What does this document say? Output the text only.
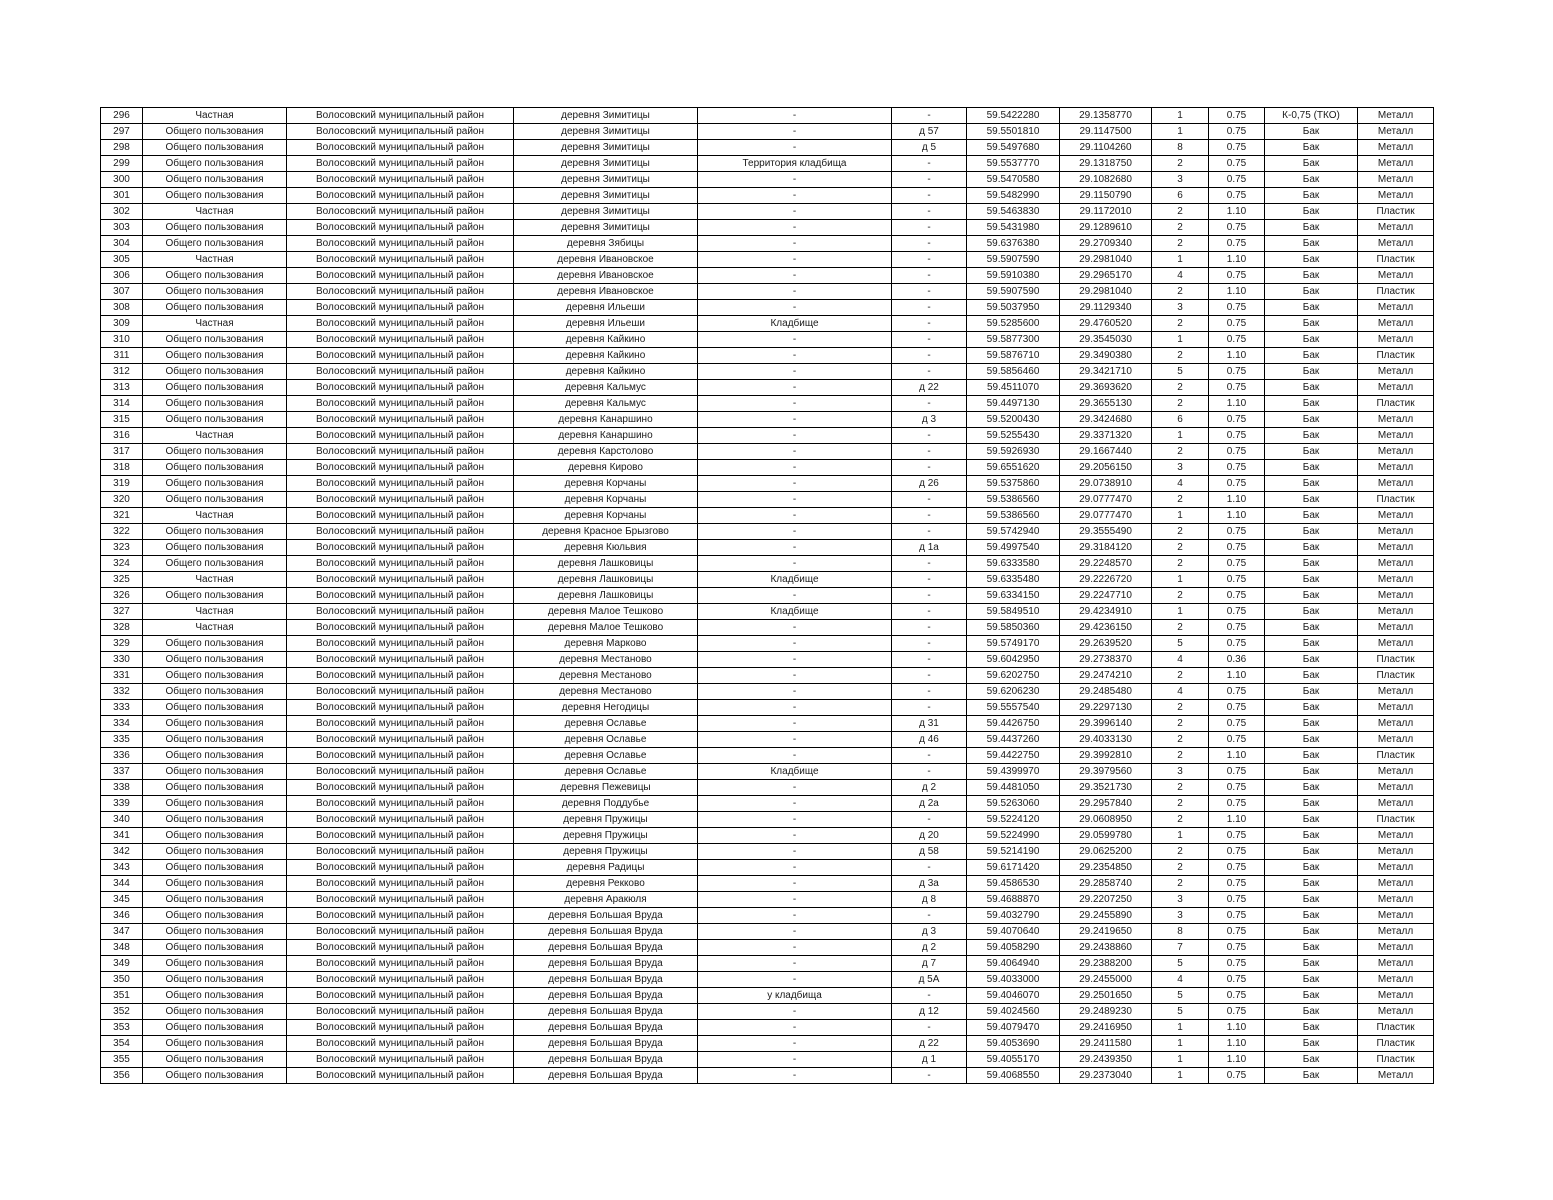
296	Частная	Волосовский муниципальный район	деревня Зимитицы	-	-	59.5422280	29.1358770	1	0.75	К-0,75 (ТКО)	Металл
297	Общего пользования	Волосовский муниципальный район	деревня Зимитицы	-	д 57	59.5501810	29.1147500	1	0.75	Бак	Металл
298	Общего пользования	Волосовский муниципальный район	деревня Зимитицы	-	д 5	59.5497680	29.1104260	8	0.75	Бак	Металл
299	Общего пользования	Волосовский муниципальный район	деревня Зимитицы	Территория кладбища	-	59.5537770	29.1318750	2	0.75	Бак	Металл
300	Общего пользования	Волосовский муниципальный район	деревня Зимитицы	-	-	59.5470580	29.1082680	3	0.75	Бак	Металл
301	Общего пользования	Волосовский муниципальный район	деревня Зимитицы	-	-	59.5482990	29.1150790	6	0.75	Бак	Металл
302	Частная	Волосовский муниципальный район	деревня Зимитицы	-	-	59.5463830	29.1172010	2	1.10	Бак	Пластик
303	Общего пользования	Волосовский муниципальный район	деревня Зимитицы	-	-	59.5431980	29.1289610	2	0.75	Бак	Металл
304	Общего пользования	Волосовский муниципальный район	деревня Зябицы	-	-	59.6376380	29.2709340	2	0.75	Бак	Металл
305	Частная	Волосовский муниципальный район	деревня Ивановское	-	-	59.5907590	29.2981040	1	1.10	Бак	Пластик
306	Общего пользования	Волосовский муниципальный район	деревня Ивановское	-	-	59.5910380	29.2965170	4	0.75	Бак	Металл
307	Общего пользования	Волосовский муниципальный район	деревня Ивановское	-	-	59.5907590	29.2981040	2	1.10	Бак	Пластик
308	Общего пользования	Волосовский муниципальный район	деревня Ильеши	-	-	59.5037950	29.1129340	3	0.75	Бак	Металл
309	Частная	Волосовский муниципальный район	деревня Ильеши	Кладбище	-	59.5285600	29.4760520	2	0.75	Бак	Металл
310	Общего пользования	Волосовский муниципальный район	деревня Кайкино	-	-	59.5877300	29.3545030	1	0.75	Бак	Металл
311	Общего пользования	Волосовский муниципальный район	деревня Кайкино	-	-	59.5876710	29.3490380	2	1.10	Бак	Пластик
312	Общего пользования	Волосовский муниципальный район	деревня Кайкино	-	-	59.5856460	29.3421710	5	0.75	Бак	Металл
313	Общего пользования	Волосовский муниципальный район	деревня Кальмус	-	д 22	59.4511070	29.3693620	2	0.75	Бак	Металл
314	Общего пользования	Волосовский муниципальный район	деревня Кальмус	-	-	59.4497130	29.3655130	2	1.10	Бак	Пластик
315	Общего пользования	Волосовский муниципальный район	деревня Канаршино	-	д 3	59.5200430	29.3424680	6	0.75	Бак	Металл
316	Частная	Волосовский муниципальный район	деревня Канаршино	-	-	59.5255430	29.3371320	1	0.75	Бак	Металл
317	Общего пользования	Волосовский муниципальный район	деревня Карстолово	-	-	59.5926930	29.1667440	2	0.75	Бак	Металл
318	Общего пользования	Волосовский муниципальный район	деревня Кирово	-	-	59.6551620	29.2056150	3	0.75	Бак	Металл
319	Общего пользования	Волосовский муниципальный район	деревня Корчаны	-	д 26	59.5375860	29.0738910	4	0.75	Бак	Металл
320	Общего пользования	Волосовский муниципальный район	деревня Корчаны	-	-	59.5386560	29.0777470	2	1.10	Бак	Пластик
321	Частная	Волосовский муниципальный район	деревня Корчаны	-	-	59.5386560	29.0777470	1	1.10	Бак	Металл
322	Общего пользования	Волосовский муниципальный район	деревня Красное Брызгово	-	-	59.5742940	29.3555490	2	0.75	Бак	Металл
323	Общего пользования	Волосовский муниципальный район	деревня Кюльвия	-	д 1а	59.4997540	29.3184120	2	0.75	Бак	Металл
324	Общего пользования	Волосовский муниципальный район	деревня Лашковицы	-	-	59.6333580	29.2248570	2	0.75	Бак	Металл
325	Частная	Волосовский муниципальный район	деревня Лашковицы	Кладбище	-	59.6335480	29.2226720	1	0.75	Бак	Металл
326	Общего пользования	Волосовский муниципальный район	деревня Лашковицы	-	-	59.6334150	29.2247710	2	0.75	Бак	Металл
327	Частная	Волосовский муниципальный район	деревня Малое Тешково	Кладбище	-	59.5849510	29.4234910	1	0.75	Бак	Металл
328	Частная	Волосовский муниципальный район	деревня Малое Тешково	-	-	59.5850360	29.4236150	2	0.75	Бак	Металл
329	Общего пользования	Волосовский муниципальный район	деревня Марково	-	-	59.5749170	29.2639520	5	0.75	Бак	Металл
330	Общего пользования	Волосовский муниципальный район	деревня Местаново	-	-	59.6042950	29.2738370	4	0.36	Бак	Пластик
331	Общего пользования	Волосовский муниципальный район	деревня Местаново	-	-	59.6202750	29.2474210	2	1.10	Бак	Пластик
332	Общего пользования	Волосовский муниципальный район	деревня Местаново	-	-	59.6206230	29.2485480	4	0.75	Бак	Металл
333	Общего пользования	Волосовский муниципальный район	деревня Негодицы	-	-	59.5557540	29.2297130	2	0.75	Бак	Металл
334	Общего пользования	Волосовский муниципальный район	деревня Ославье	-	д 31	59.4426750	29.3996140	2	0.75	Бак	Металл
335	Общего пользования	Волосовский муниципальный район	деревня Ославье	-	д 46	59.4437260	29.4033130	2	0.75	Бак	Металл
336	Общего пользования	Волосовский муниципальный район	деревня Ославье	-	-	59.4422750	29.3992810	2	1.10	Бак	Пластик
337	Общего пользования	Волосовский муниципальный район	деревня Ославье	Кладбище	-	59.4399970	29.3979560	3	0.75	Бак	Металл
338	Общего пользования	Волосовский муниципальный район	деревня Пежевицы	-	д 2	59.4481050	29.3521730	2	0.75	Бак	Металл
339	Общего пользования	Волосовский муниципальный район	деревня Поддубье	-	д 2а	59.5263060	29.2957840	2	0.75	Бак	Металл
340	Общего пользования	Волосовский муниципальный район	деревня Пружицы	-	-	59.5224120	29.0608950	2	1.10	Бак	Пластик
341	Общего пользования	Волосовский муниципальный район	деревня Пружицы	-	д 20	59.5224990	29.0599780	1	0.75	Бак	Металл
342	Общего пользования	Волосовский муниципальный район	деревня Пружицы	-	д 58	59.5214190	29.0625200	2	0.75	Бак	Металл
343	Общего пользования	Волосовский муниципальный район	деревня Радицы	-	-	59.6171420	29.2354850	2	0.75	Бак	Металл
344	Общего пользования	Волосовский муниципальный район	деревня Рекково	-	д 3а	59.4586530	29.2858740	2	0.75	Бак	Металл
345	Общего пользования	Волосовский муниципальный район	деревня Аракюля	-	д 8	59.4688870	29.2207250	3	0.75	Бак	Металл
346	Общего пользования	Волосовский муниципальный район	деревня Большая Вруда	-	-	59.4032790	29.2455890	3	0.75	Бак	Металл
347	Общего пользования	Волосовский муниципальный район	деревня Большая Вруда	-	д 3	59.4070640	29.2419650	8	0.75	Бак	Металл
348	Общего пользования	Волосовский муниципальный район	деревня Большая Вруда	-	д 2	59.4058290	29.2438860	7	0.75	Бак	Металл
349	Общего пользования	Волосовский муниципальный район	деревня Большая Вруда	-	д 7	59.4064940	29.2388200	5	0.75	Бак	Металл
350	Общего пользования	Волосовский муниципальный район	деревня Большая Вруда	-	д 5А	59.4033000	29.2455000	4	0.75	Бак	Металл
351	Общего пользования	Волосовский муниципальный район	деревня Большая Вруда	у кладбища	-	59.4046070	29.2501650	5	0.75	Бак	Металл
352	Общего пользования	Волосовский муниципальный район	деревня Большая Вруда	-	д 12	59.4024560	29.2489230	5	0.75	Бак	Металл
353	Общего пользования	Волосовский муниципальный район	деревня Большая Вруда	-	-	59.4079470	29.2416950	1	1.10	Бак	Пластик
354	Общего пользования	Волосовский муниципальный район	деревня Большая Вруда	-	д 22	59.4053690	29.2411580	1	1.10	Бак	Пластик
355	Общего пользования	Волосовский муниципальный район	деревня Большая Вруда	-	д 1	59.4055170	29.2439350	1	1.10	Бак	Пластик
356	Общего пользования	Волосовский муниципальный район	деревня Большая Вруда	-	-	59.4068550	29.2373040	1	0.75	Бак	Металл
